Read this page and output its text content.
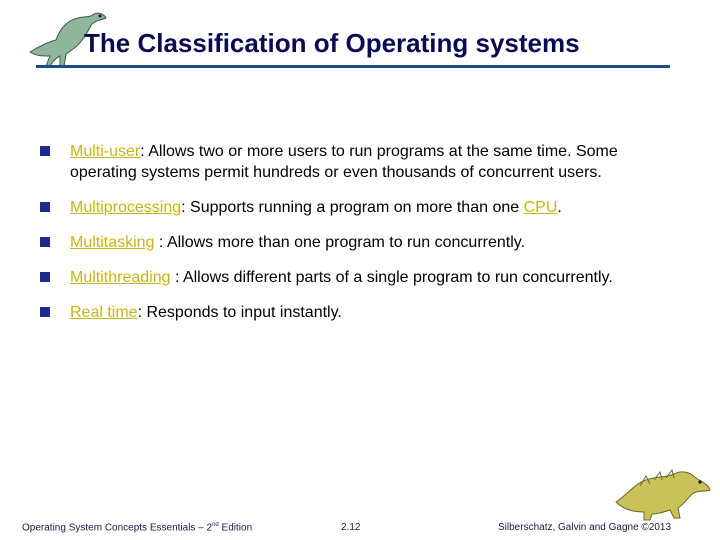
The Classification of Operating systems
Multi-user: Allows two or more users to run programs at the same time. Some operating systems permit hundreds or even thousands of concurrent users.
Multiprocessing: Supports running a program on more than one CPU.
Multitasking : Allows more than one program to run concurrently.
Multithreading : Allows different parts of a single program to run concurrently.
Real time: Responds to input instantly.
Operating System Concepts Essentials – 2nd Edition	2.12	Silberschatz, Galvin and Gagne ©2013
